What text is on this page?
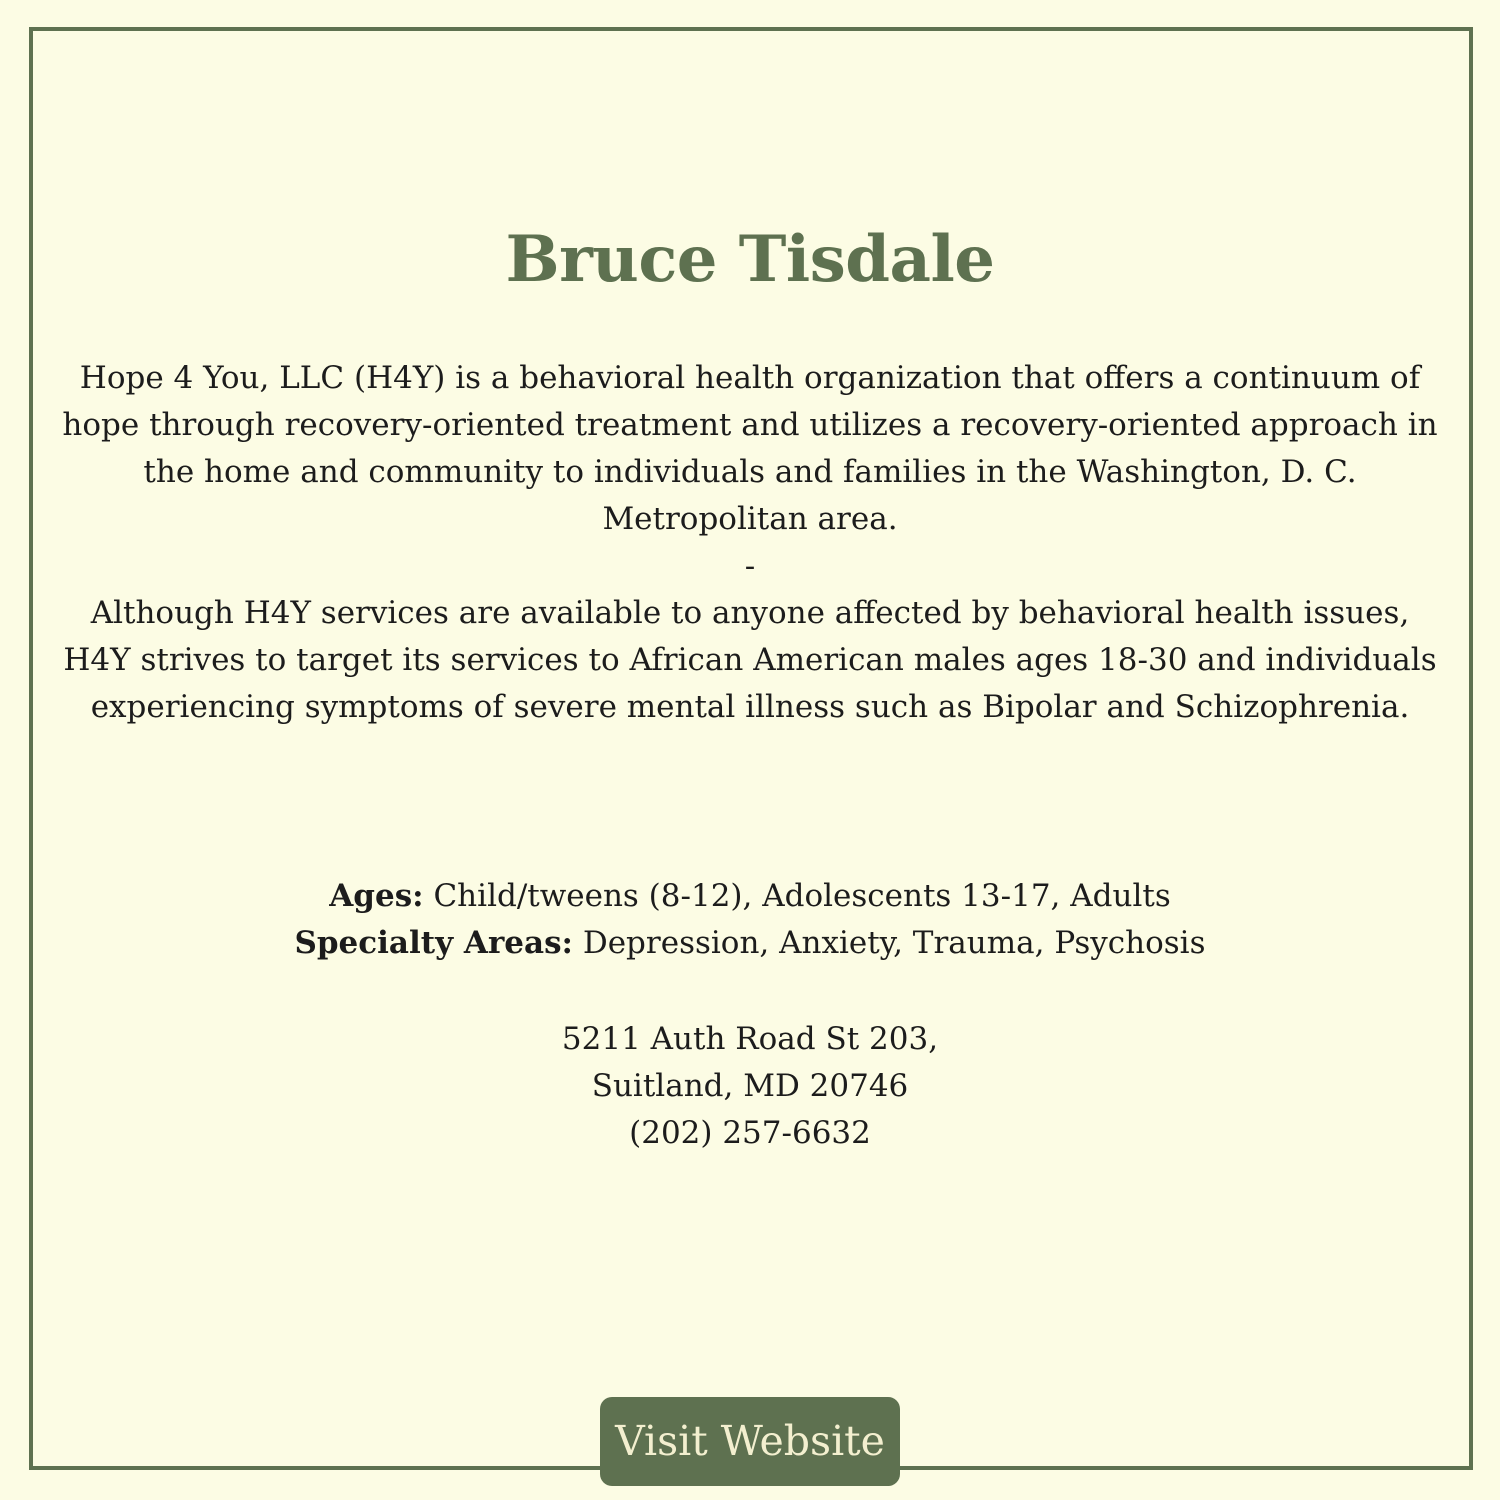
Bruce Tisdale

Hope 4 You, LLC (H4Y) is a behavioral health organization that offers a continuum of hope through recovery-oriented treatment and utilizes a recovery-oriented approach in the home and community to individuals and families in the Washington, D. C. Metropolitan area.

-

Although H4Y services are available to anyone affected by behavioral health issues, H4Y strives to target its services to African American males ages 18-30 and individuals experiencing symptoms of severe mental illness such as Bipolar and Schizophrenia.

Ages: Child/tweens (8-12), Adolescents 13-17, Adults

Specialty Areas: Depression, Anxiety, Trauma, Psychosis

5211 Auth Road St 203,

Suitland, MD 20746

(202) 257-6632

Visit Website
